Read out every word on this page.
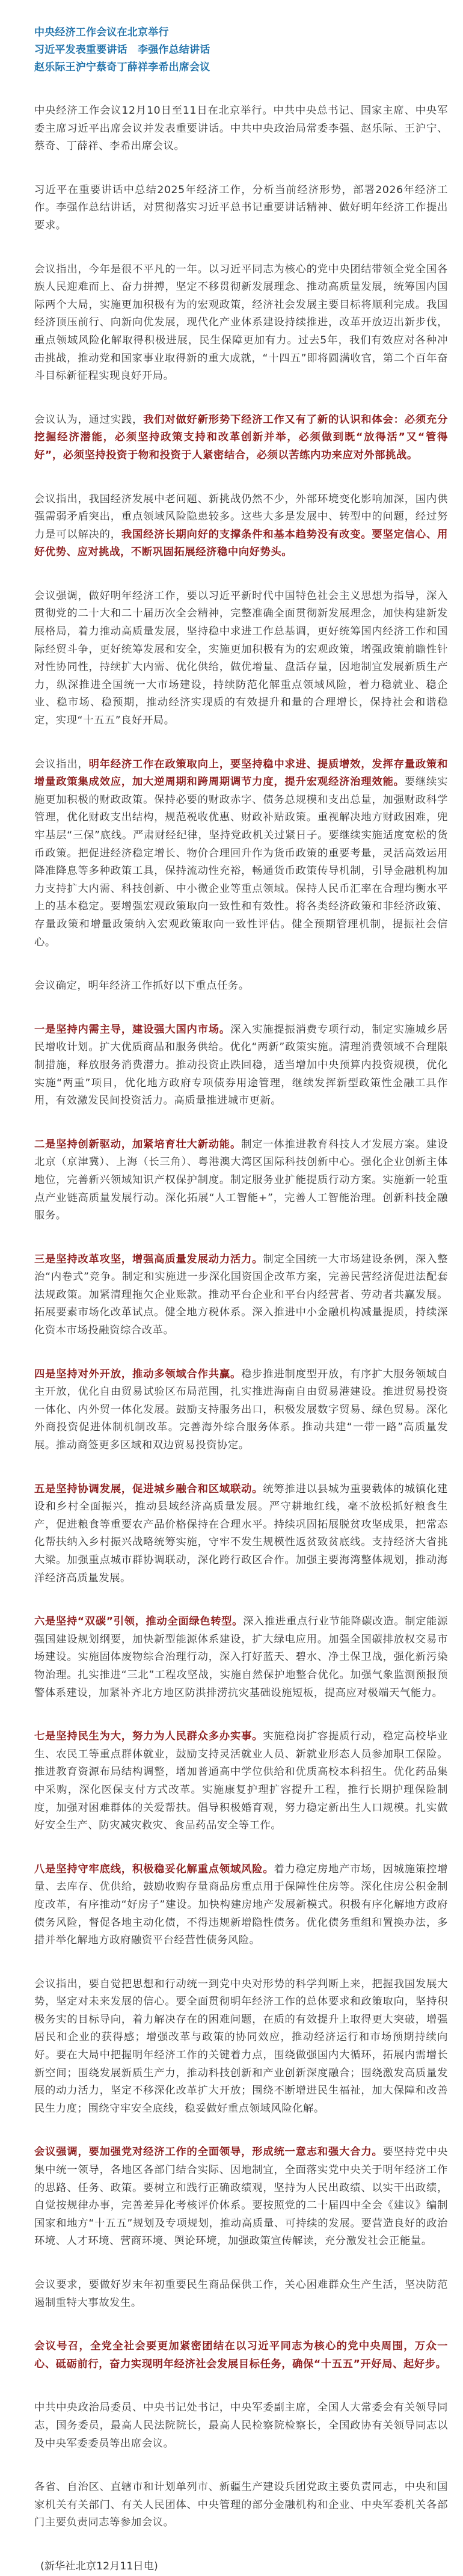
中央经济工作会议在北京举行
习近平发表重要讲话　李强作总结讲话
赵乐际王沪宁蔡奇丁薛祥李希出席会议

中央经济工作会议12月10日至11日在北京举行。中共中央总书记、国家主席、中央军委主席习近平出席会议并发表重要讲话。中共中央政治局常委李强、赵乐际、王沪宁、蔡奇、丁薛祥、李希出席会议。

习近平在重要讲话中总结2025年经济工作，分析当前经济形势，部署2026年经济工作。李强作总结讲话，对贯彻落实习近平总书记重要讲话精神、做好明年经济工作提出要求。

会议指出，今年是很不平凡的一年。以习近平同志为核心的党中央团结带领全党全国各族人民迎难而上、奋力拼搏，坚定不移贯彻新发展理念、推动高质量发展，统筹国内国际两个大局，实施更加积极有为的宏观政策，经济社会发展主要目标将顺利完成。我国经济顶压前行、向新向优发展，现代化产业体系建设持续推进，改革开放迈出新步伐，重点领域风险化解取得积极进展，民生保障更加有力。过去5年，我们有效应对各种冲击挑战，推动党和国家事业取得新的重大成就，“十四五”即将圆满收官，第二个百年奋斗目标新征程实现良好开局。

会议认为，通过实践，我们对做好新形势下经济工作又有了新的认识和体会：必须充分挖掘经济潜能，必须坚持政策支持和改革创新并举，必须做到既“放得活”又“管得好”，必须坚持投资于物和投资于人紧密结合，必须以苦练内功来应对外部挑战。

会议指出，我国经济发展中老问题、新挑战仍然不少，外部环境变化影响加深，国内供强需弱矛盾突出，重点领域风险隐患较多。这些大多是发展中、转型中的问题，经过努力是可以解决的，我国经济长期向好的支撑条件和基本趋势没有改变。要坚定信心、用好优势、应对挑战，不断巩固拓展经济稳中向好势头。

会议强调，做好明年经济工作，要以习近平新时代中国特色社会主义思想为指导，深入贯彻党的二十大和二十届历次全会精神，完整准确全面贯彻新发展理念，加快构建新发展格局，着力推动高质量发展，坚持稳中求进工作总基调，更好统筹国内经济工作和国际经贸斗争，更好统筹发展和安全，实施更加积极有为的宏观政策，增强政策前瞻性针对性协同性，持续扩大内需、优化供给，做优增量、盘活存量，因地制宜发展新质生产力，纵深推进全国统一大市场建设，持续防范化解重点领域风险，着力稳就业、稳企业、稳市场、稳预期，推动经济实现质的有效提升和量的合理增长，保持社会和谐稳定，实现“十五五”良好开局。

会议指出，明年经济工作在政策取向上，要坚持稳中求进、提质增效，发挥存量政策和增量政策集成效应，加大逆周期和跨周期调节力度，提升宏观经济治理效能。要继续实施更加积极的财政政策。保持必要的财政赤字、债务总规模和支出总量，加强财政科学管理，优化财政支出结构，规范税收优惠、财政补贴政策。重视解决地方财政困难，兜牢基层“三保”底线。严肃财经纪律，坚持党政机关过紧日子。要继续实施适度宽松的货币政策。把促进经济稳定增长、物价合理回升作为货币政策的重要考量，灵活高效运用降准降息等多种政策工具，保持流动性充裕，畅通货币政策传导机制，引导金融机构加力支持扩大内需、科技创新、中小微企业等重点领域。保持人民币汇率在合理均衡水平上的基本稳定。要增强宏观政策取向一致性和有效性。将各类经济政策和非经济政策、存量政策和增量政策纳入宏观政策取向一致性评估。健全预期管理机制，提振社会信心。

会议确定，明年经济工作抓好以下重点任务。

一是坚持内需主导，建设强大国内市场。深入实施提振消费专项行动，制定实施城乡居民增收计划。扩大优质商品和服务供给。优化“两新”政策实施。清理消费领域不合理限制措施，释放服务消费潜力。推动投资止跌回稳，适当增加中央预算内投资规模，优化实施“两重”项目，优化地方政府专项债券用途管理，继续发挥新型政策性金融工具作用，有效激发民间投资活力。高质量推进城市更新。

二是坚持创新驱动，加紧培育壮大新动能。制定一体推进教育科技人才发展方案。建设北京（京津冀）、上海（长三角）、粤港澳大湾区国际科技创新中心。强化企业创新主体地位，完善新兴领域知识产权保护制度。制定服务业扩能提质行动方案。实施新一轮重点产业链高质量发展行动。深化拓展“人工智能+”，完善人工智能治理。创新科技金融服务。

三是坚持改革攻坚，增强高质量发展动力活力。制定全国统一大市场建设条例，深入整治“内卷式”竞争。制定和实施进一步深化国资国企改革方案，完善民营经济促进法配套法规政策。加紧清理拖欠企业账款。推动平台企业和平台内经营者、劳动者共赢发展。拓展要素市场化改革试点。健全地方税体系。深入推进中小金融机构减量提质，持续深化资本市场投融资综合改革。

四是坚持对外开放，推动多领域合作共赢。稳步推进制度型开放，有序扩大服务领域自主开放，优化自由贸易试验区布局范围，扎实推进海南自由贸易港建设。推进贸易投资一体化、内外贸一体化发展。鼓励支持服务出口，积极发展数字贸易、绿色贸易。深化外商投资促进体制机制改革。完善海外综合服务体系。推动共建“一带一路”高质量发展。推动商签更多区域和双边贸易投资协定。

五是坚持协调发展，促进城乡融合和区域联动。统筹推进以县城为重要载体的城镇化建设和乡村全面振兴，推动县域经济高质量发展。严守耕地红线，毫不放松抓好粮食生产，促进粮食等重要农产品价格保持在合理水平。持续巩固拓展脱贫攻坚成果，把常态化帮扶纳入乡村振兴战略统筹实施，守牢不发生规模性返贫致贫底线。支持经济大省挑大梁。加强重点城市群协调联动，深化跨行政区合作。加强主要海湾整体规划，推动海洋经济高质量发展。

六是坚持“双碳”引领，推动全面绿色转型。深入推进重点行业节能降碳改造。制定能源强国建设规划纲要，加快新型能源体系建设，扩大绿电应用。加强全国碳排放权交易市场建设。实施固体废物综合治理行动，深入打好蓝天、碧水、净土保卫战，强化新污染物治理。扎实推进“三北”工程攻坚战，实施自然保护地整合优化。加强气象监测预报预警体系建设，加紧补齐北方地区防洪排涝抗灾基础设施短板，提高应对极端天气能力。

七是坚持民生为大，努力为人民群众多办实事。实施稳岗扩容提质行动，稳定高校毕业生、农民工等重点群体就业，鼓励支持灵活就业人员、新就业形态人员参加职工保险。推进教育资源布局结构调整，增加普通高中学位供给和优质高校本科招生。优化药品集中采购，深化医保支付方式改革。实施康复护理扩容提升工程，推行长期护理保险制度，加强对困难群体的关爱帮扶。倡导积极婚育观，努力稳定新出生人口规模。扎实做好安全生产、防灾减灾救灾、食品药品安全等工作。

八是坚持守牢底线，积极稳妥化解重点领域风险。着力稳定房地产市场，因城施策控增量、去库存、优供给，鼓励收购存量商品房重点用于保障性住房等。深化住房公积金制度改革，有序推动“好房子”建设。加快构建房地产发展新模式。积极有序化解地方政府债务风险，督促各地主动化债，不得违规新增隐性债务。优化债务重组和置换办法，多措并举化解地方政府融资平台经营性债务风险。

会议指出，要自觉把思想和行动统一到党中央对形势的科学判断上来，把握我国发展大势，坚定对未来发展的信心。要全面贯彻明年经济工作的总体要求和政策取向，坚持积极务实的目标导向，着力解决存在的困难问题，在质的有效提升上取得更大突破，增强居民和企业的获得感；增强改革与政策的协同效应，推动经济运行和市场预期持续向好。要在大局中把握明年经济工作的关键着力点，围绕做强国内大循环，拓展内需增长新空间；围绕发展新质生产力，推动科技创新和产业创新深度融合；围绕激发高质量发展的动力活力，坚定不移深化改革扩大开放；围绕不断增进民生福祉，加大保障和改善民生力度；围绕守牢安全底线，稳妥做好重点领域风险化解。

会议强调，要加强党对经济工作的全面领导，形成统一意志和强大合力。要坚持党中央集中统一领导，各地区各部门结合实际、因地制宜，全面落实党中央关于明年经济工作的思路、任务、政策。要树立和践行正确政绩观，坚持为人民出政绩、以实干出政绩，自觉按规律办事，完善差异化考核评价体系。要按照党的二十届四中全会《建议》编制国家和地方“十五五”规划及专项规划，推动高质量、可持续的发展。要营造良好的政治环境、人才环境、营商环境、舆论环境，加强政策宣传解读，充分激发社会正能量。

会议要求，要做好岁末年初重要民生商品保供工作，关心困难群众生产生活，坚决防范遏制重特大事故发生。

会议号召，全党全社会要更加紧密团结在以习近平同志为核心的党中央周围，万众一心、砥砺前行，奋力实现明年经济社会发展目标任务，确保“十五五”开好局、起好步。

中共中央政治局委员、中央书记处书记，中央军委副主席，全国人大常委会有关领导同志，国务委员，最高人民法院院长，最高人民检察院检察长，全国政协有关领导同志以及中央军委委员等出席会议。

各省、自治区、直辖市和计划单列市、新疆生产建设兵团党政主要负责同志，中央和国家机关有关部门、有关人民团体、中央管理的部分金融机构和企业、中央军委机关各部门主要负责同志等参加会议。

(新华社北京12月11日电)
